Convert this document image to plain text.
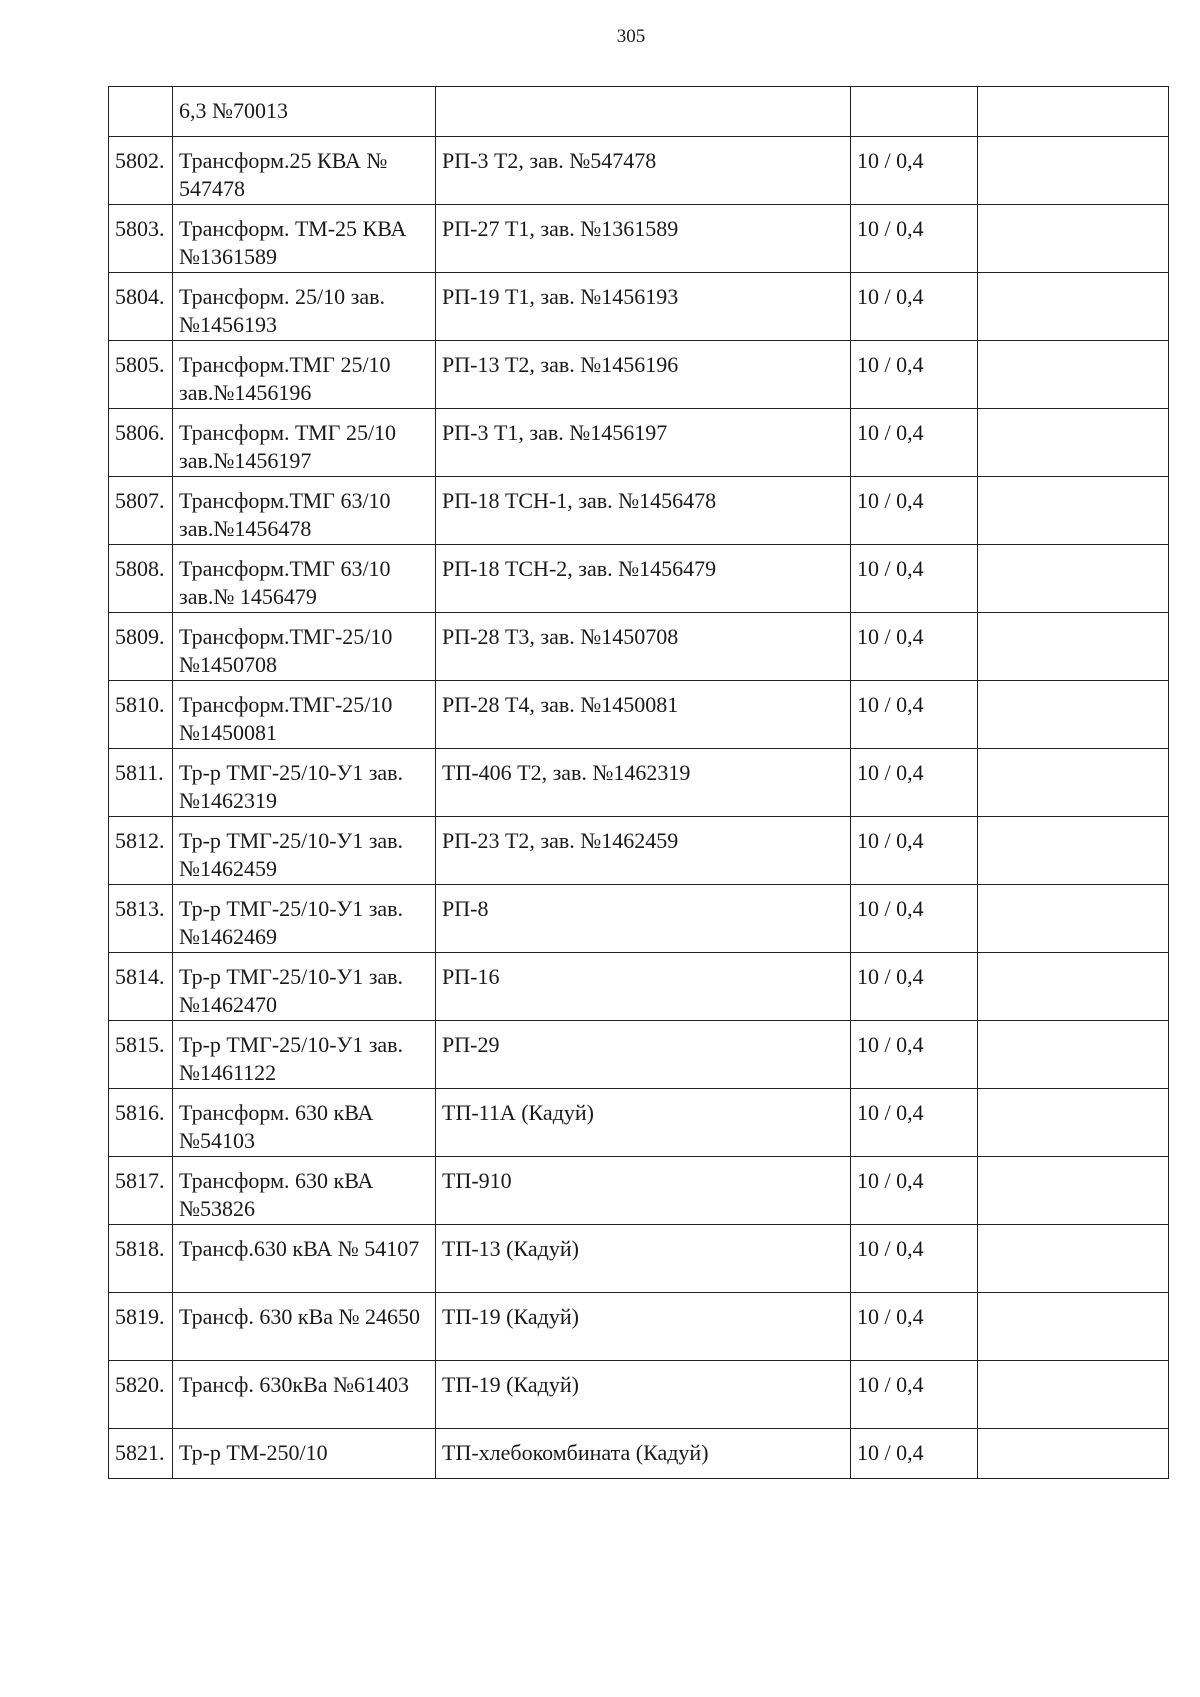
305
	6,3 №70013			
5802.	Трансформ.25 КВА № 547478	РП-3 Т2, зав. №547478	10 / 0,4	
5803.	Трансформ. ТМ-25 КВА №1361589	РП-27 Т1, зав. №1361589	10 / 0,4	
5804.	Трансформ. 25/10 зав.№1456193	РП-19 Т1, зав. №1456193	10 / 0,4	
5805.	Трансформ.ТМГ 25/10 зав.№1456196	РП-13 Т2, зав. №1456196	10 / 0,4	
5806.	Трансформ. ТМГ 25/10 зав.№1456197	РП-3 Т1, зав. №1456197	10 / 0,4	
5807.	Трансформ.ТМГ 63/10 зав.№1456478	РП-18 ТСН-1, зав. №1456478	10 / 0,4	
5808.	Трансформ.ТМГ 63/10 зав.№ 1456479	РП-18 ТСН-2, зав. №1456479	10 / 0,4	
5809.	Трансформ.ТМГ-25/10 №1450708	РП-28 Т3, зав. №1450708	10 / 0,4	
5810.	Трансформ.ТМГ-25/10 №1450081	РП-28 Т4, зав. №1450081	10 / 0,4	
5811.	Тр-р ТМГ-25/10-У1 зав.№1462319	ТП-406 Т2, зав. №1462319	10 / 0,4	
5812.	Тр-р ТМГ-25/10-У1 зав.№1462459	РП-23 Т2, зав. №1462459	10 / 0,4	
5813.	Тр-р ТМГ-25/10-У1 зав.№1462469	РП-8	10 / 0,4	
5814.	Тр-р ТМГ-25/10-У1 зав.№1462470	РП-16	10 / 0,4	
5815.	Тр-р ТМГ-25/10-У1 зав.№1461122	РП-29	10 / 0,4	
5816.	Трансформ. 630 кВА №54103	ТП-11А (Кадуй)	10 / 0,4	
5817.	Трансформ. 630 кВА №53826	ТП-910	10 / 0,4	
5818.	Трансф.630 кВА № 54107	ТП-13 (Кадуй)	10 / 0,4	
5819.	Трансф. 630 кВа № 24650	ТП-19 (Кадуй)	10 / 0,4	
5820.	Трансф. 630кВа №61403	ТП-19 (Кадуй)	10 / 0,4	
5821.	Тр-р ТМ-250/10	ТП-хлебокомбината (Кадуй)	10 / 0,4	
